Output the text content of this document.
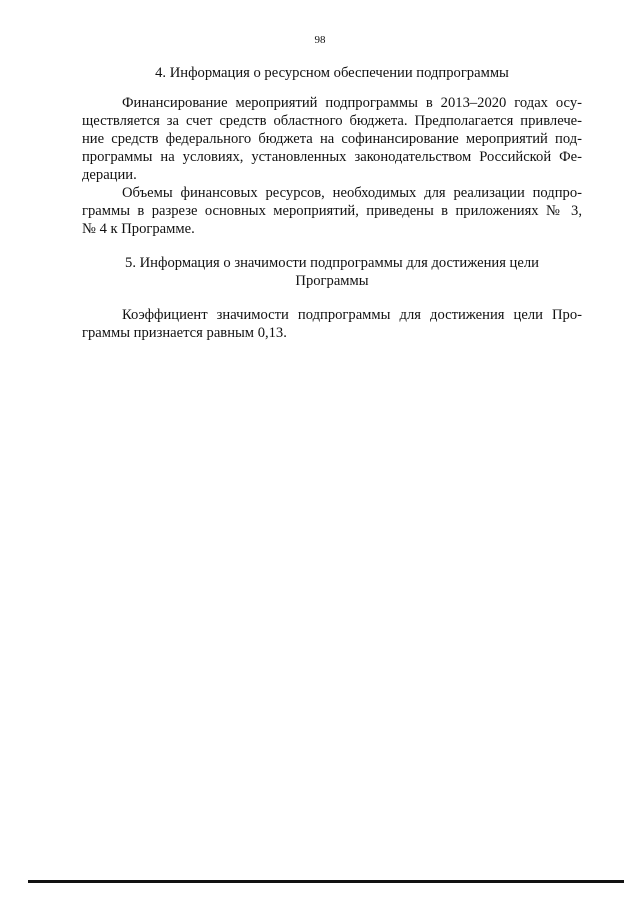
98

4. Информация о ресурсном обеспечении подпрограммы

Финансирование мероприятий подпрограммы в 2013–2020 годах осу-
ществляется за счет средств областного бюджета. Предполагается привлече-
ние средств федерального бюджета на софинансирование мероприятий под-
программы на условиях, установленных законодательством Российской Фе-
дерации.
Объемы финансовых ресурсов, необходимых для реализации подпро-
граммы в разрезе основных мероприятий, приведены в приложениях № 3,
№ 4 к Программе.
5. Информация о значимости подпрограммы для достижения цели
Программы
Коэффициент значимости подпрограммы для достижения цели Про-
граммы признается равным 0,13.
